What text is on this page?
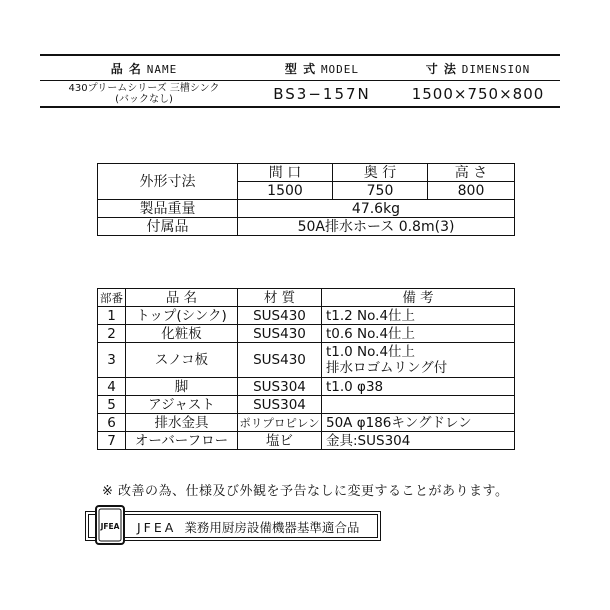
品 名 NAME	型 式 MODEL	寸 法 DIMENSION

430プリームシリーズ 三槽シンク
(バックなし)	BS3−157N	1500×750×800
外形寸法	間 口	奥 行	高 さ
	1500	750	800
製品重量	47.6kg		
付属品	50A排水ホース 0.8m(3)		
部番	品 名	材 質	備 考
1	トップ(シンク)	SUS430	t1.2 No.4仕上
2	化粧板	SUS430	t0.6 No.4仕上
3	スノコ板	SUS430	t1.0 No.4仕上
排水ロゴムリング付

4	脚	SUS304	t1.0 φ38
5	アジャスト	SUS304	
6	排水金具	ポリプロピレン	50A φ186キングドレン
7	オーバーフロー	塩ビ	金具:SUS304
※ 改善の為、仕様及び外観を予告なしに変更することがあります。
JFEA JFEA 業務用厨房設備機器基準適合品
